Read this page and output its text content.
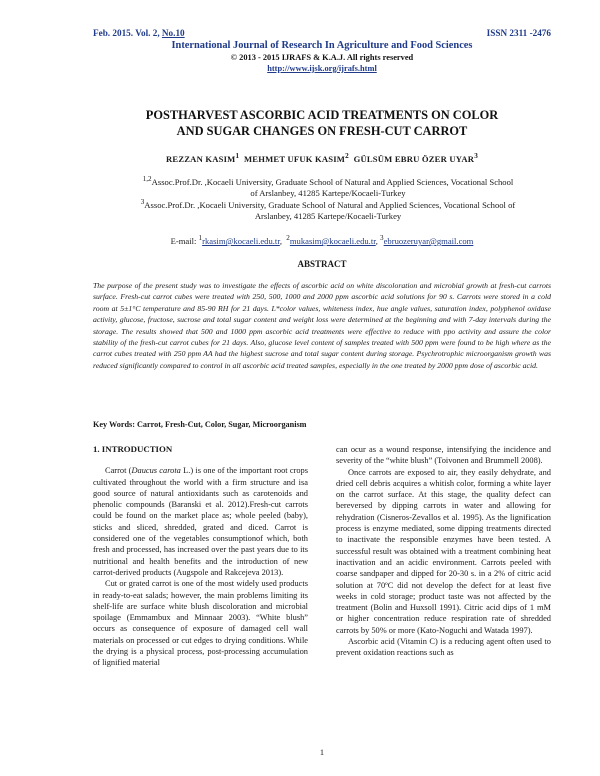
Feb. 2015. Vol. 2, No.10	ISSN 2311 -2476
International Journal of Research In Agriculture and Food Sciences
© 2013 - 2015 IJRAFS & K.A.J. All rights reserved
http://www.ijsk.org/ijrafs.html
POSTHARVEST ASCORBIC ACID TREATMENTS ON COLOR
AND SUGAR CHANGES ON FRESH-CUT CARROT
REZZAN KASIM$^1$ MEHMET UFUK KASIM$^2$ GÜLSÜM EBRU ÖZER UYAR$^3$
$^{1,2}$Assoc.Prof.Dr. ,Kocaeli University, Graduate School of Natural and Applied Sciences, Vocational School of Arslanbey, 41285 Kartepe/Kocaeli-Turkey
$^3$Assoc.Prof.Dr. ,Kocaeli University, Graduate School of Natural and Applied Sciences, Vocational School of Arslanbey, 41285 Kartepe/Kocaeli-Turkey
E-mail: $^1$rkasim@kocaeli.edu.tr,  $^2$mukasim@kocaeli.edu.tr, $^3$ebruozeruyar@gmail.com
ABSTRACT
The purpose of the present study was to investigate the effects of ascorbic acid on white discoloration and microbial growth at fresh-cut carrots surface. Fresh-cut carrot cubes were treated with 250, 500, 1000 and 2000 ppm ascorbic acid solutions for 90 s. Carrots were stored in a cold room at 5±1°C temperature and 85-90 RH for 21 days. L*color values, whiteness index, hue angle values, saturation index, polyphenol oxidase activity, glucose, fructose, sucrose and total sugar content and weight loss were determined at the beginning and with 7-day intervals during the storage. The results showed that 500 and 1000 ppm ascorbic acid treatments were effective to reduce with ppo activity and assure the color stability of the fresh-cut carrot cubes for 21 days. Also, glucose level content of samples treated with 500 ppm were found to be high where as the carrot cubes treated with 250 ppm AA had the highest sucrose and total sugar content during storage. Psychrotrophic microorganism growth was reduced significantly compared to control in all ascorbic acid treated samples, especially in the one treated by 2000 ppm dose of ascorbic acid.
Key Words: Carrot, Fresh-Cut, Color, Sugar, Microorganism
1. INTRODUCTION

Carrot (Daucus carota L.) is one of the important root crops cultivated throughout the world with a firm structure and isa good source of natural antioxidants such as carotenoids and phenolic compounds (Baranski et al. 2012).Fresh-cut carrots could be found on the market place as; whole peeled (baby), sticks and sliced, shredded, grated and diced. Carrot is considered one of the vegetables consumptionof which, both fresh and processed, has increased over the past years due to its nutritional and health benefits and the introduction of new carrot-derived products (Augspole and Rakcejeva 2013).

Cut or grated carrot is one of the most widely used products in ready-to-eat salads; however, the main problems limiting its shelf-life are surface white blush discoloration and microbial spoilage (Emmambux and Minnaar 2003). “White blush” occurs as consequence of exposure of damaged cell wall materials on processed or cut edges to drying conditions. While the drying is a physical process, post-processing accumulation of lignified material

can ocur as a wound response, intensifying the incidence and severity of the “white blush” (Toivonen and Brummell 2008).

Once carrots are exposed to air, they easily dehydrate, and dried cell debris acquires a whitish color, forming a white layer on the carrot surface. At this stage, the quality defect can bereversed by dipping carrots in water and allowing for rehydration (Cisneros-Zevallos et al. 1995). As the lignification process is enzyme mediated, some dipping treatments directed to inactivate the responsible enzymes have been tested. A successful result was obtained with a treatment combining heat inactivation and an acidic environment. Carrots peeled with coarse sandpaper and dipped for 20-30 s. in a 2% of citric acid solution at 70ºC did not develop the defect for at least five weeks in cold storage; product taste was not affected by the treatment (Bolin and Huxsoll 1991). Citric acid dips of 1 mM or higher concentration reduce respiration rate of shredded carrots by 50% or more (Kato-Noguchi and Watada 1997).

Ascorbic acid (Vitamin C) is a reducing agent often used to prevent oxidation reactions such as

1
